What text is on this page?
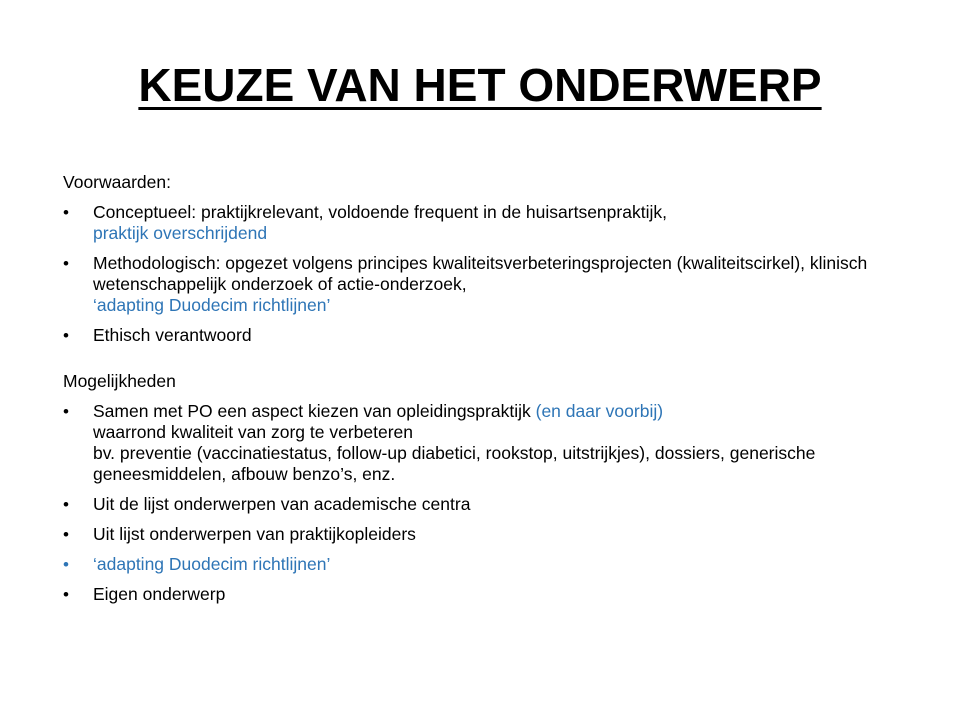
KEUZE VAN HET ONDERWERP
Voorwaarden:
• Conceptueel: praktijkrelevant, voldoende frequent in de huisartsenpraktijk,
praktijk overschrijdend
• Methodologisch: opgezet volgens principes kwaliteitsverbeteringsprojecten (kwaliteitscirkel), klinisch wetenschappelijk onderzoek of actie-onderzoek,
‘adapting Duodecim richtlijnen’
• Ethisch verantwoord
Mogelijkheden
• Samen met PO een aspect kiezen van opleidingspraktijk (en daar voorbij)
waarrond kwaliteit van zorg te verbeteren
bv. preventie (vaccinatiestatus, follow-up diabetici, rookstop, uitstrijkjes), dossiers, generische geneesmiddelen, afbouw benzo’s, enz.
• Uit de lijst onderwerpen van academische centra
• Uit lijst onderwerpen van praktijkopleiders
• ‘adapting Duodecim richtlijnen’
• Eigen onderwerp
